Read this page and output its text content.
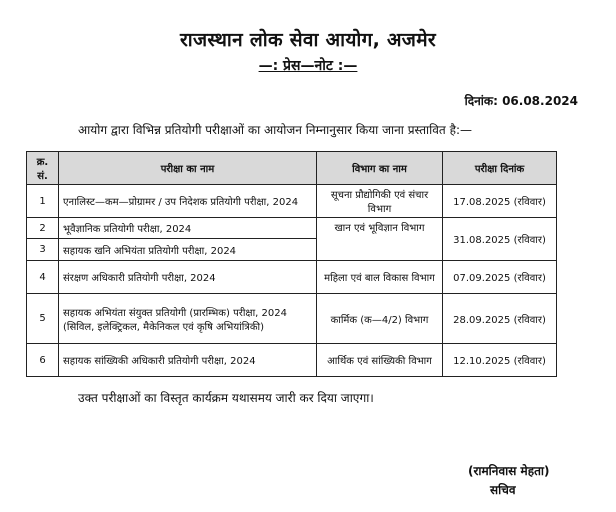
राजस्थान लोक सेवा आयोग, अजमेर
—: प्रेस—नोट :—
दिनांक: 06.08.2024
आयोग द्वारा विभिन्न प्रतियोगी परीक्षाओं का आयोजन निम्नानुसार किया जाना प्रस्तावित है:—
क्र. सं.	परीक्षा का नाम	विभाग का नाम	परीक्षा दिनांक
1	एनालिस्ट—कम—प्रोग्रामर / उप निदेशक प्रतियोगी परीक्षा, 2024	सूचना प्रौद्योगिकी एवं संचार विभाग	17.08.2025 (रविवार)
2	भूवैज्ञानिक प्रतियोगी परीक्षा, 2024	खान एवं भूविज्ञान विभाग	31.08.2025 (रविवार)
3	सहायक खनि अभियंता प्रतियोगी परीक्षा, 2024		
4	संरक्षण अधिकारी प्रतियोगी परीक्षा, 2024	महिला एवं बाल विकास विभाग	07.09.2025 (रविवार)
5	सहायक अभियंता संयुक्त प्रतियोगी (प्रारम्भिक) परीक्षा, 2024 (सिविल, इलेक्ट्रिकल, मैकेनिकल एवं कृषि अभियांत्रिकी)	कार्मिक (क—4/2) विभाग	28.09.2025 (रविवार)
6	सहायक सांख्यिकी अधिकारी प्रतियोगी परीक्षा, 2024	आर्थिक एवं सांख्यिकी विभाग	12.10.2025 (रविवार)
उक्त परीक्षाओं का विस्तृत कार्यक्रम यथासमय जारी कर दिया जाएगा।
(रामनिवास मेहता)
सचिव
